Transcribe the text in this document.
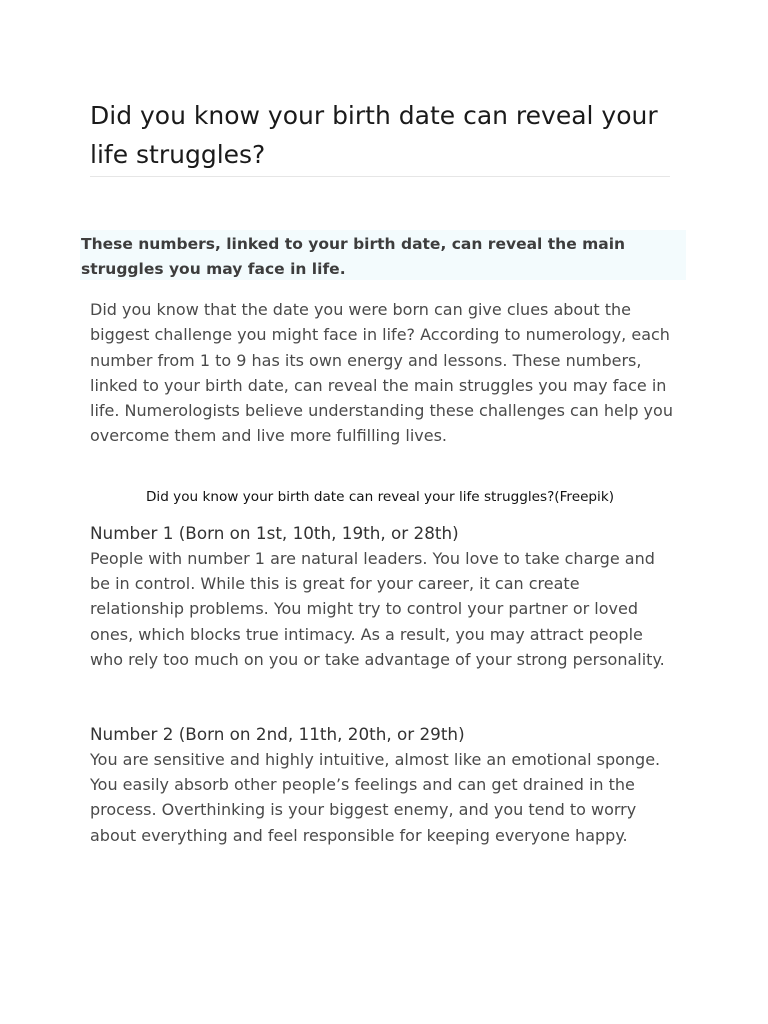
Did you know your birth date can reveal your life struggles?
These numbers, linked to your birth date, can reveal the main struggles you may face in life.

Did you know that the date you were born can give clues about the biggest challenge you might face in life? According to numerology, each number from 1 to 9 has its own energy and lessons. These numbers, linked to your birth date, can reveal the main struggles you may face in life. Numerologists believe understanding these challenges can help you overcome them and live more fulfilling lives.

Did you know your birth date can reveal your life struggles?(Freepik)
Number 1 (Born on 1st, 10th, 19th, or 28th)

People with number 1 are natural leaders. You love to take charge and be in control. While this is great for your career, it can create relationship problems. You might try to control your partner or loved ones, which blocks true intimacy. As a result, you may attract people who rely too much on you or take advantage of your strong personality.

Number 2 (Born on 2nd, 11th, 20th, or 29th)

You are sensitive and highly intuitive, almost like an emotional sponge. You easily absorb other people’s feelings and can get drained in the process. Overthinking is your biggest enemy, and you tend to worry about everything and feel responsible for keeping everyone happy.
